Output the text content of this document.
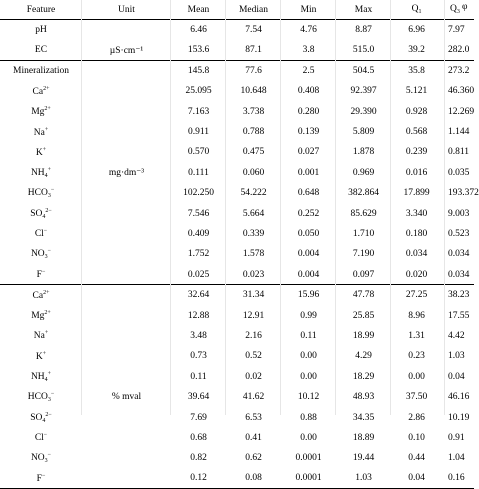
Feature	Unit	Mean	Median	Min	Max	$Q_1$	$Q_3$
pH		6.46	7.54	4.76	8.87	6.96	7.97	
EC	µS·cm⁻¹	153.6	87.1	3.8	515.0	39.2	282.0	
Mineralization		145.8	77.6	2.5	504.5	35.8	273.2	
$Ca^{2+}$		25.095	10.648	0.408	92.397	5.121	46.360	
$Mg^{2+}$		7.163	3.738	0.280	29.390	0.928	12.269	
Na+		0.911	0.788	0.139	5.809	0.568	1.144	
K+		0.570	0.475	0.027	1.878	0.239	0.811	
$NH_4^+$	mg·dm⁻³	0.111	0.060	0.001	0.969	0.016	0.035	
$HCO_3^-$		102.250	54.222	0.648	382.864	17.899	193.372	
$SO_4^{2-}$		7.546	5.664	0.252	85.629	3.340	9.003	
Cl−		0.409	0.339	0.050	1.710	0.180	0.523	
$NO_3^-$		1.752	1.578	0.004	7.190	0.034	0.034	
F−		0.025	0.023	0.004	0.097	0.020	0.034	
$Ca^{2+}$		32.64	31.34	15.96	47.78	27.25	38.23	
$Mg^{2+}$		12.88	12.91	0.99	25.85	8.96	17.55	
Na+		3.48	2.16	0.11	18.99	1.31	4.42	
K+		0.73	0.52	0.00	4.29	0.23	1.03	
$NH_4^+$		0.11	0.02	0.00	18.29	0.00	0.04	
$HCO_3^-$	% mval	39.64	41.62	10.12	48.93	37.50	46.16	
$SO_4^{2-}$		7.69	6.53	0.88	34.35	2.86	10.19	
Cl−		0.68	0.41	0.00	18.89	0.10	0.91	
$NO_3^-$		0.82	0.62	0.0001	19.44	0.44	1.04	
F−		0.12	0.08	0.0001	1.03	0.04	0.16	
φ
